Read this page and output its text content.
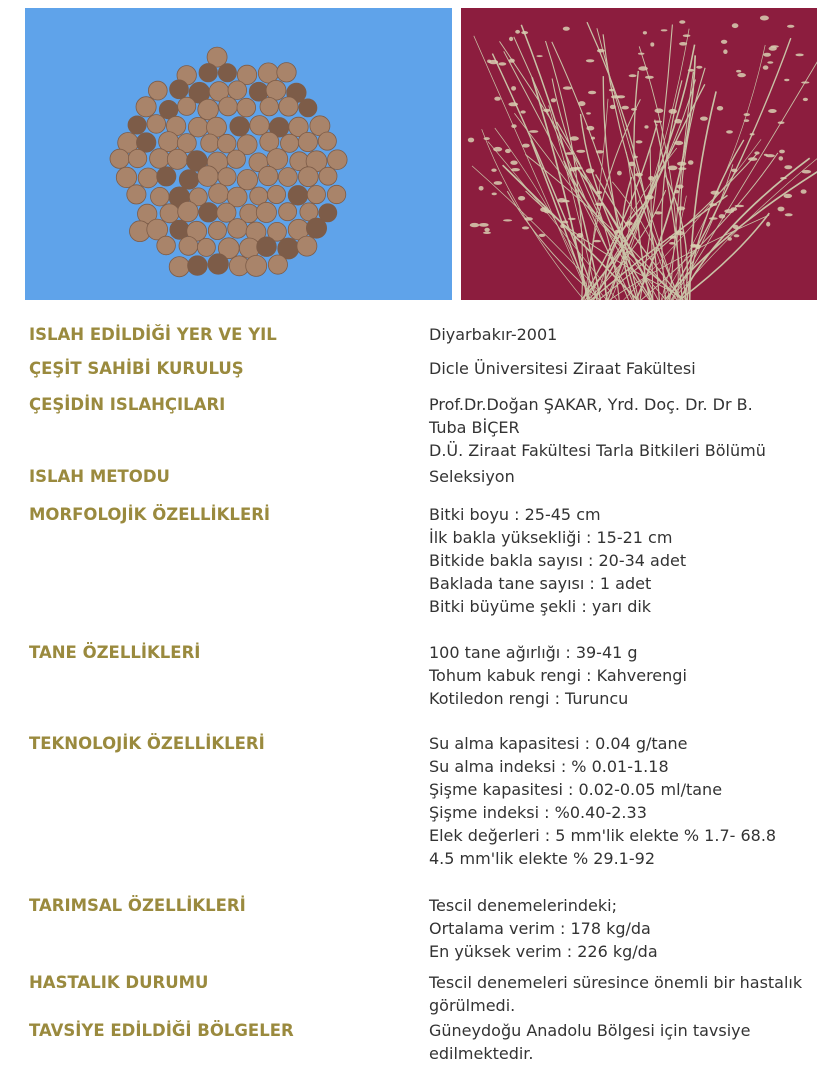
ISLAH EDİLDİĞİ YER VE YIL	Diyarbakır-2001
ÇEŞİT SAHİBİ KURULUŞ	Dicle Üniversitesi Ziraat Fakültesi
ÇEŞİDİN ISLAHÇILARI	Prof.Dr.Doğan ŞAKAR, Yrd. Doç. Dr. Dr B.
Tuba BİÇER
D.Ü. Ziraat Fakültesi Tarla Bitkileri Bölümü
ISLAH METODU	Seleksiyon
MORFOLOJİK ÖZELLİKLERİ	Bitki boyu : 25-45 cm
İlk bakla yüksekliği : 15-21 cm
Bitkide bakla sayısı : 20-34 adet
Baklada tane sayısı : 1 adet
Bitki büyüme şekli : yarı dik
TANE ÖZELLİKLERİ	100 tane ağırlığı : 39-41 g
Tohum kabuk rengi : Kahverengi
Kotiledon rengi : Turuncu
TEKNOLOJİK ÖZELLİKLERİ	Su alma kapasitesi : 0.04 g/tane
Su alma indeksi : % 0.01-1.18
Şişme kapasitesi : 0.02-0.05 ml/tane
Şişme indeksi : %0.40-2.33
Elek değerleri : 5 mm'lik elekte % 1.7- 68.8
4.5 mm'lik elekte % 29.1-92
TARIMSAL ÖZELLİKLERİ	Tescil denemelerindeki;
Ortalama verim : 178 kg/da
En yüksek verim : 226 kg/da
HASTALIK DURUMU	Tescil denemeleri süresince önemli bir hastalık görülmedi.
TAVSİYE EDİLDİĞİ BÖLGELER	Güneydoğu Anadolu Bölgesi için tavsiye edilmektedir.
